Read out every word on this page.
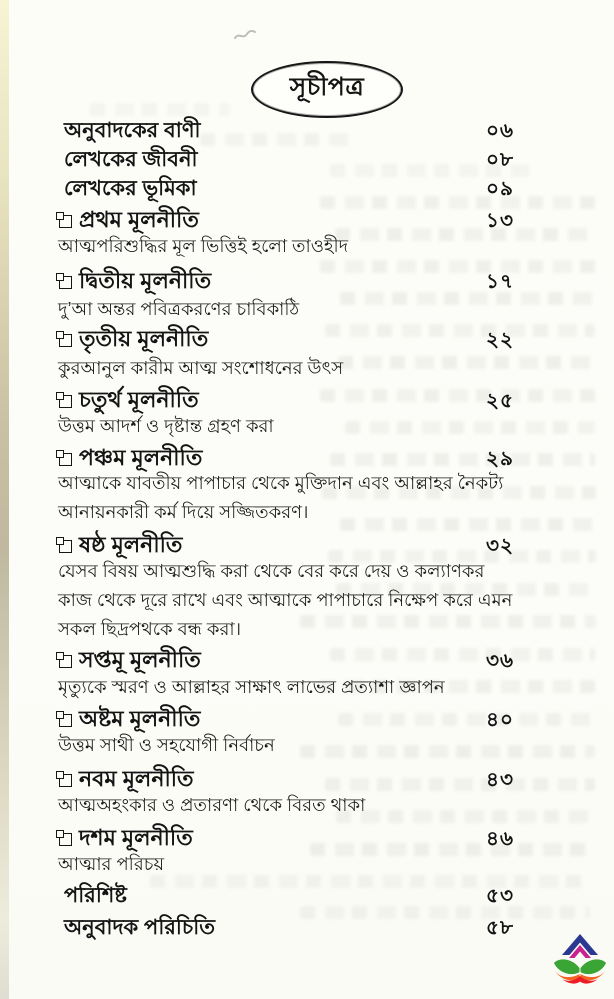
সূচীপত্র
অনুবাদকের বাণী	০৬
লেখকের জীবনী	০৮
লেখকের ভূমিকা	০৯
প্রথম মূলনীতি	১৩
আত্মপরিশুদ্ধির মূল ভিত্তিই হলো তাওহীদ
দ্বিতীয় মূলনীতি	১৭
দু’আ অন্তর পবিত্রকরণের চাবিকাঠি
তৃতীয় মূলনীতি	২২
কুরআনুল কারীম আত্ম সংশোধনের উৎস
চতুর্থ মূলনীতি	২৫
উত্তম আদর্শ ও দৃষ্টান্ত গ্রহণ করা
পঞ্চম মূলনীতি	২৯
আত্মাকে যাবতীয় পাপাচার থেকে মুক্তিদান এবং আল্লাহর নৈকট্য আনায়নকারী কর্ম দিয়ে সজ্জিতকরণ।
ষষ্ঠ মূলনীতি	৩২
যেসব বিষয় আত্মশুদ্ধি করা থেকে বের করে দেয় ও কল্যাণকর কাজ থেকে দূরে রাখে এবং আত্মাকে পাপাচারে নিক্ষেপ করে এমন সকল ছিদ্রপথকে বন্ধ করা।
সপ্তমূ মূলনীতি	৩৬
মৃত্যুকে স্মরণ ও আল্লাহর সাক্ষাৎ লাভের প্রত্যাশা জ্ঞাপন
অষ্টম মূলনীতি	৪০
উত্তম সাথী ও সহযোগী নির্বাচন
নবম মূলনীতি	৪৩
আত্মঅহংকার ও প্রতারণা থেকে বিরত থাকা
দশম মূলনীতি	৪৬
আত্মার পরিচয়
পরিশিষ্ট	৫৩
অনুবাদক পরিচিতি	৫৮
